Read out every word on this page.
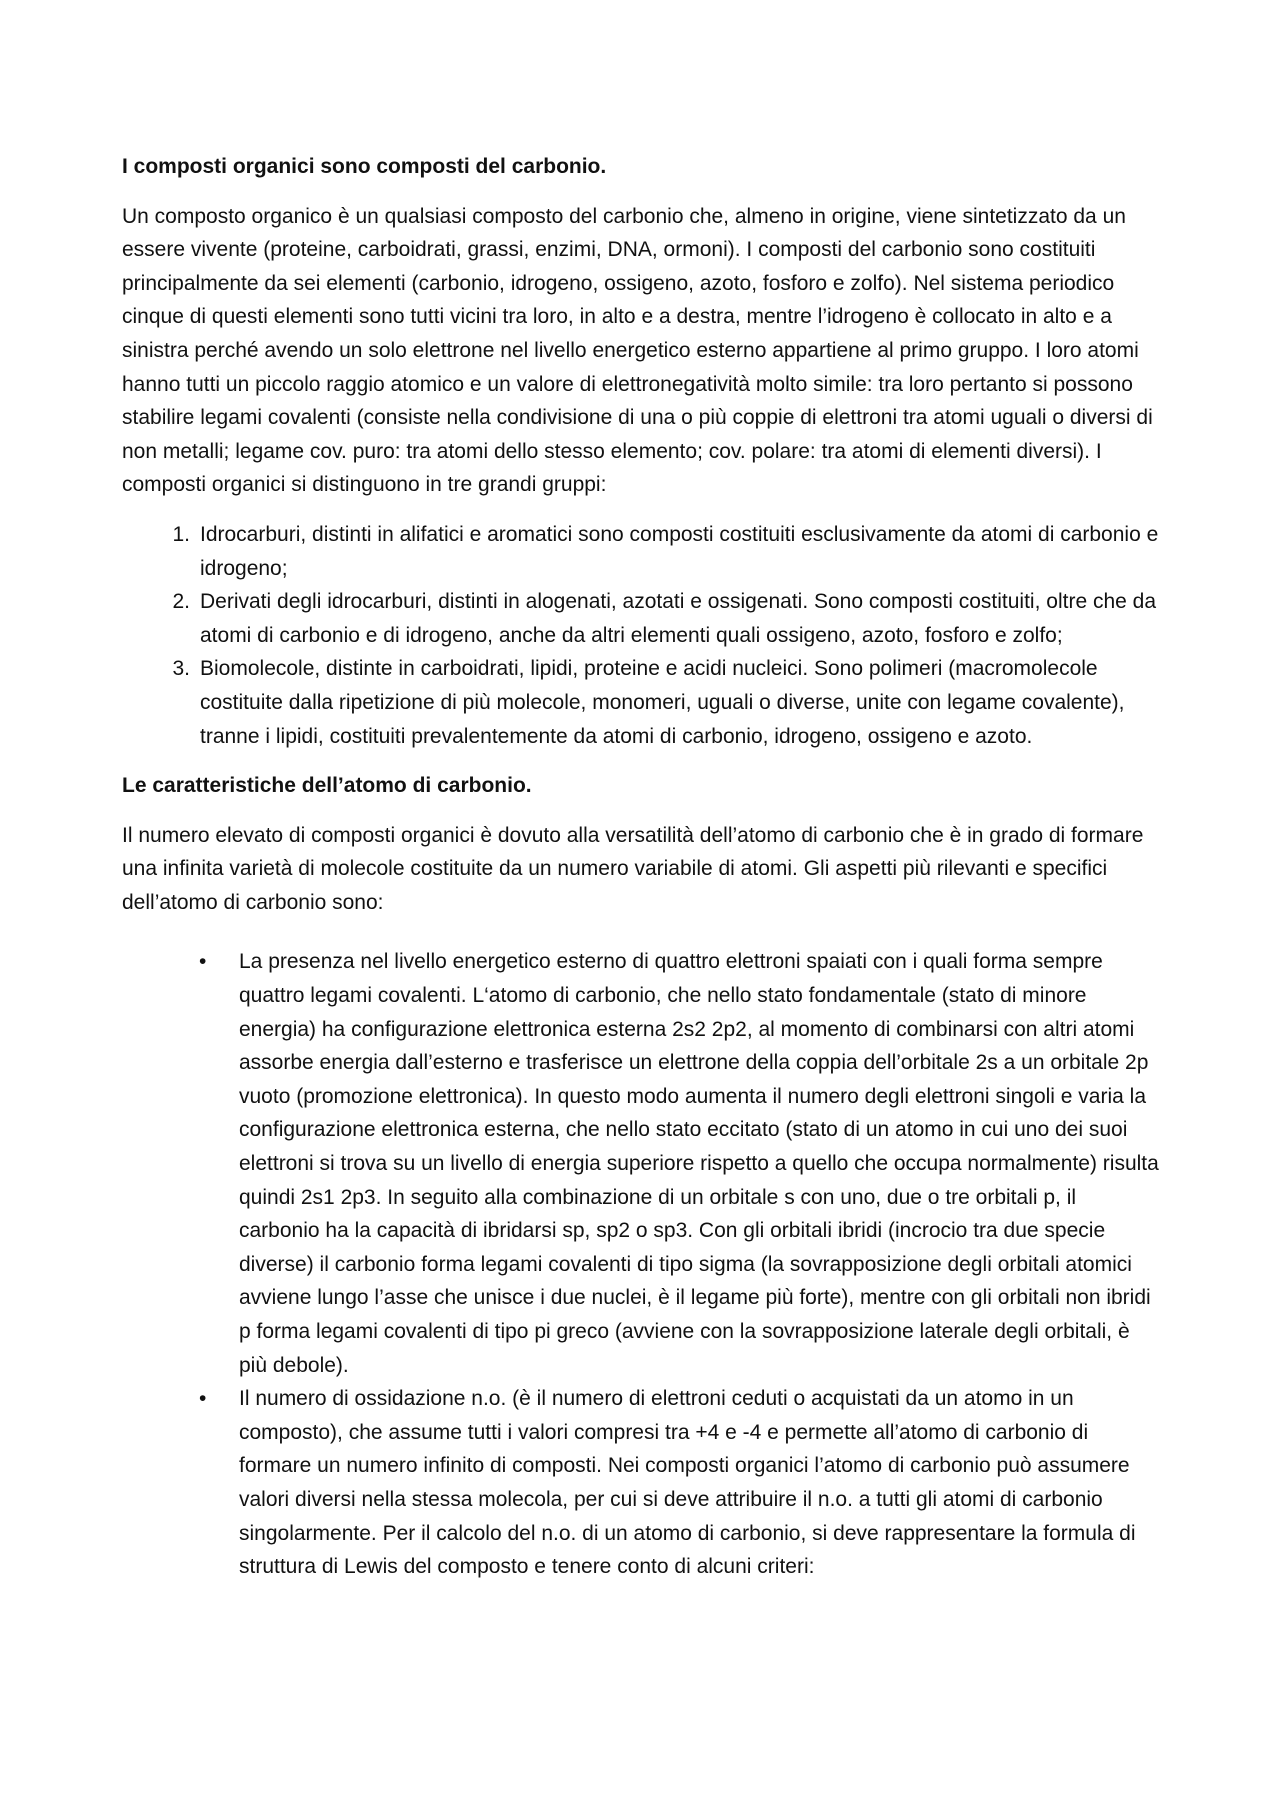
I composti organici sono composti del carbonio.

Un composto organico è un qualsiasi composto del carbonio che, almeno in origine, viene sintetizzato da un essere vivente (proteine, carboidrati, grassi, enzimi, DNA, ormoni). I composti del carbonio sono costituiti principalmente da sei elementi (carbonio, idrogeno, ossigeno, azoto, fosforo e zolfo). Nel sistema periodico cinque di questi elementi sono tutti vicini tra loro, in alto e a destra, mentre l’idrogeno è collocato in alto e a sinistra perché avendo un solo elettrone nel livello energetico esterno appartiene al primo gruppo. I loro atomi hanno tutti un piccolo raggio atomico e un valore di elettronegatività molto simile: tra loro pertanto si possono stabilire legami covalenti (consiste nella condivisione di una o più coppie di elettroni tra atomi uguali o diversi di non metalli; legame cov. puro: tra atomi dello stesso elemento; cov. polare: tra atomi di elementi diversi). I composti organici si distinguono in tre grandi gruppi:

1. Idrocarburi, distinti in alifatici e aromatici sono composti costituiti esclusivamente da atomi di carbonio e idrogeno;
2. Derivati degli idrocarburi, distinti in alogenati, azotati e ossigenati. Sono composti costituiti, oltre che da atomi di carbonio e di idrogeno, anche da altri elementi quali ossigeno, azoto, fosforo e zolfo;
3. Biomolecole, distinte in carboidrati, lipidi, proteine e acidi nucleici. Sono polimeri (macromolecole costituite dalla ripetizione di più molecole, monomeri, uguali o diverse, unite con legame covalente), tranne i lipidi, costituiti prevalentemente da atomi di carbonio, idrogeno, ossigeno e azoto.

Le caratteristiche dell’atomo di carbonio.

Il numero elevato di composti organici è dovuto alla versatilità dell’atomo di carbonio che è in grado di formare una infinita varietà di molecole costituite da un numero variabile di atomi. Gli aspetti più rilevanti e specifici dell’atomo di carbonio sono:

• La presenza nel livello energetico esterno di quattro elettroni spaiati con i quali forma sempre quattro legami covalenti. L‘atomo di carbonio, che nello stato fondamentale (stato di minore energia) ha configurazione elettronica esterna 2s2 2p2, al momento di combinarsi con altri atomi assorbe energia dall’esterno e trasferisce un elettrone della coppia dell’orbitale 2s a un orbitale 2p vuoto (promozione elettronica). In questo modo aumenta il numero degli elettroni singoli e varia la configurazione elettronica esterna, che nello stato eccitato (stato di un atomo in cui uno dei suoi elettroni si trova su un livello di energia superiore rispetto a quello che occupa normalmente) risulta quindi 2s1 2p3. In seguito alla combinazione di un orbitale s con uno, due o tre orbitali p, il carbonio ha la capacità di ibridarsi sp, sp2 o sp3. Con gli orbitali ibridi (incrocio tra due specie diverse) il carbonio forma legami covalenti di tipo sigma (la sovrapposizione degli orbitali atomici avviene lungo l’asse che unisce i due nuclei, è il legame più forte), mentre con gli orbitali non ibridi p forma legami covalenti di tipo pi greco (avviene con la sovrapposizione laterale degli orbitali, è più debole).
• Il numero di ossidazione n.o. (è il numero di elettroni ceduti o acquistati da un atomo in un composto), che assume tutti i valori compresi tra +4 e -4 e permette all’atomo di carbonio di formare un numero infinito di composti. Nei composti organici l’atomo di carbonio può assumere valori diversi nella stessa molecola, per cui si deve attribuire il n.o. a tutti gli atomi di carbonio singolarmente. Per il calcolo del n.o. di un atomo di carbonio, si deve rappresentare la formula di struttura di Lewis del composto e tenere conto di alcuni criteri:
